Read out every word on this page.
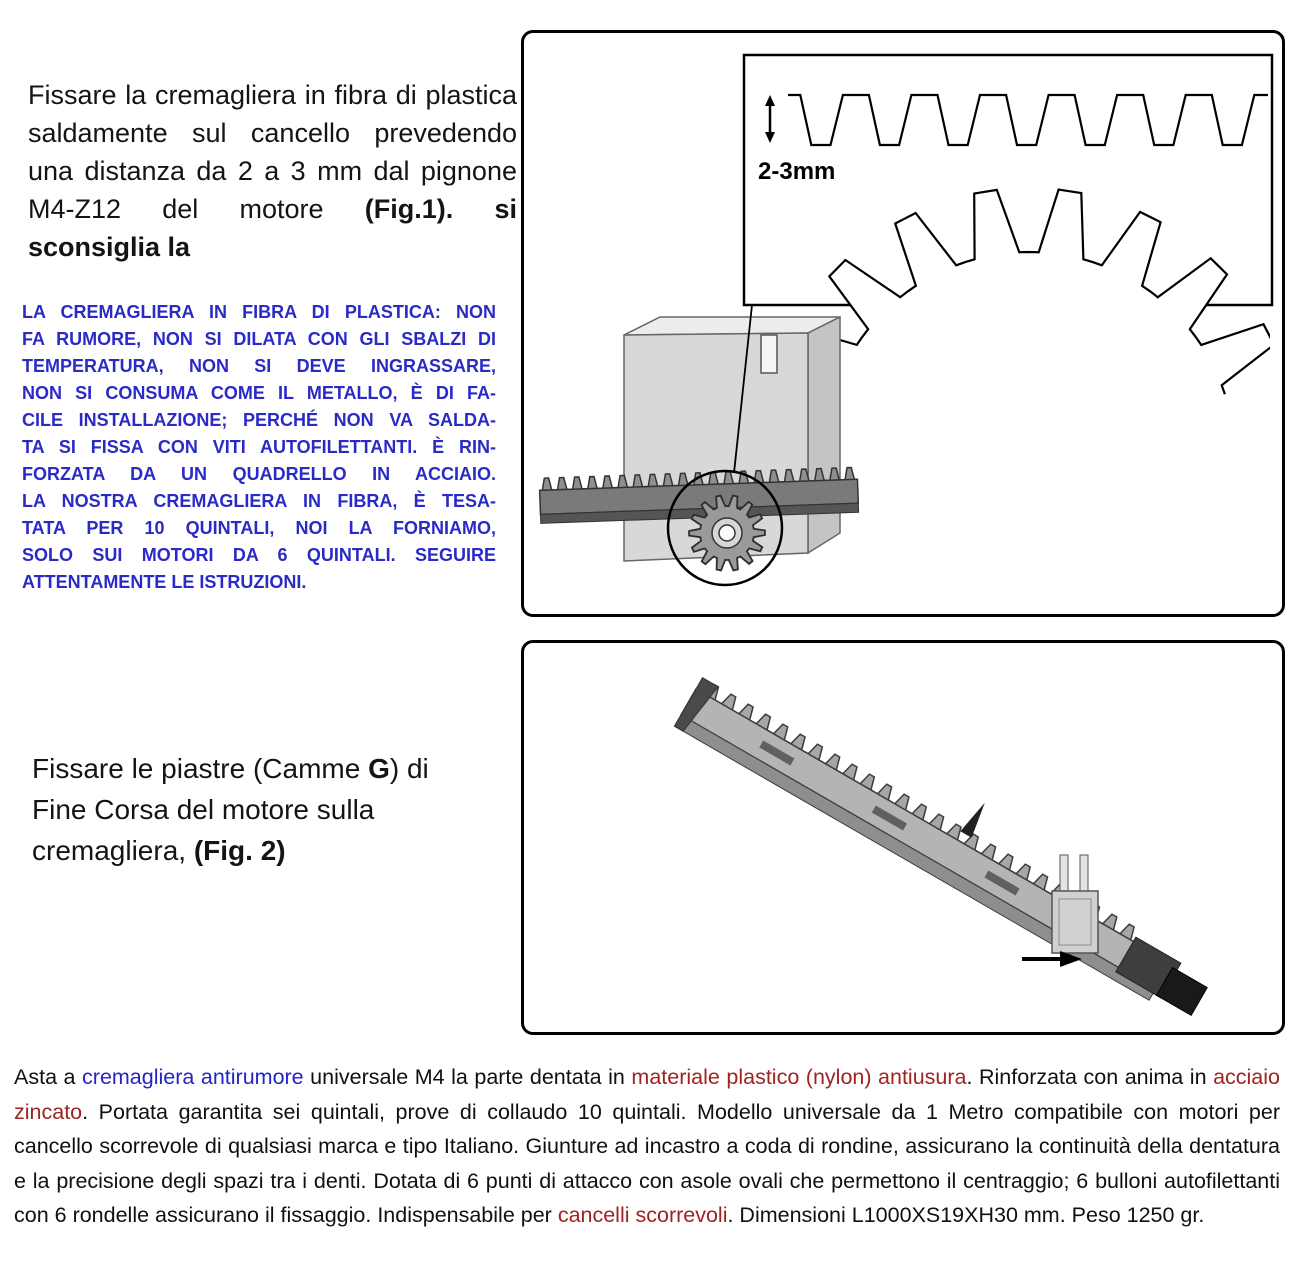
Fissare la cremagliera in fibra di plastica saldamente sul cancello prevedendo una distanza da 2 a 3 mm dal pignone M4-Z12 del motore (Fig.1). si sconsiglia la
LA CREMAGLIERA IN FIBRA DI PLASTICA: NON
FA RUMORE, NON SI DILATA CON GLI SBALZI DI
TEMPERATURA, NON SI DEVE INGRASSARE,
NON SI CONSUMA COME IL METALLO, È DI FA-
CILE INSTALLAZIONE; PERCHÉ NON VA SALDA-
TA SI FISSA CON VITI AUTOFILETTANTI. È RIN-
FORZATA DA UN QUADRELLO IN ACCIAIO.
LA NOSTRA CREMAGLIERA IN FIBRA, È TESA-
TATA PER 10 QUINTALI, NOI LA FORNIAMO,
SOLO SUI MOTORI DA 6 QUINTALI. SEGUIRE
ATTENTAMENTE LE ISTRUZIONI.
Fissare le piastre (Camme G) di Fine Corsa del motore sulla cremagliera, (Fig. 2)
2-3mm
Asta a cremagliera antirumore universale M4 la parte dentata in materiale plastico (nylon) antiusura. Rinforzata con anima in acciaio zincato. Portata garantita sei quintali, prove di collaudo 10 quintali. Modello universale da 1 Metro compatibile con motori per cancello scorrevole di qualsiasi marca e tipo Italiano. Giunture ad incastro a coda di rondine, assicurano la continuità della dentatura e la precisione degli spazi tra i denti. Dotata di 6 punti di attacco con asole ovali che permettono il centraggio; 6 bulloni autofilettanti con 6 rondelle assicurano il fissaggio. Indispensabile per cancelli scorrevoli. Dimensioni L1000XS19XH30 mm. Peso 1250 gr.
